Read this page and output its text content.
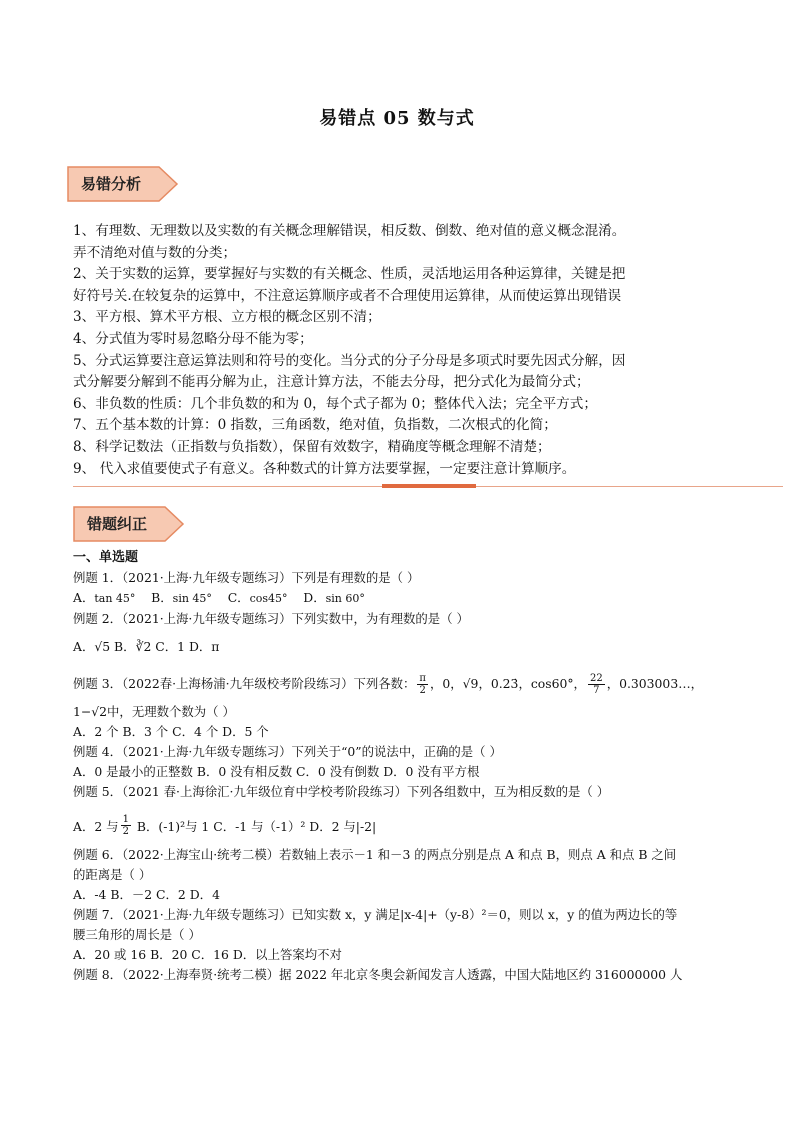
易错点 05 数与式
易错分析
1、有理数、无理数以及实数的有关概念理解错误，相反数、倒数、绝对值的意义概念混淆。
弄不清绝对值与数的分类；
2、关于实数的运算，要掌握好与实数的有关概念、性质，灵活地运用各种运算律，关键是把
好符号关.在较复杂的运算中，不注意运算顺序或者不合理使用运算律，从而使运算出现错误
3、平方根、算术平方根、立方根的概念区别不清；
4、分式值为零时易忽略分母不能为零；
5、分式运算要注意运算法则和符号的变化。当分式的分子分母是多项式时要先因式分解，因
式分解要分解到不能再分解为止，注意计算方法，不能去分母，把分式化为最简分式；
6、非负数的性质：几个非负数的和为 0，每个式子都为 0；整体代入法；完全平方式；
7、五个基本数的计算：0 指数，三角函数，绝对值，负指数，二次根式的化简；
8、科学记数法（正指数与负指数），保留有效数字，精确度等概念理解不清楚；
9、 代入求值要使式子有意义。各种数式的计算方法要掌握，一定要注意计算顺序。
错题纠正
一、单选题
例题 1．（2021·上海·九年级专题练习）下列是有理数的是（ ）
A．tan 45° B．sin 45° C．cos45° D．sin 60°
例题 2．（2021·上海·九年级专题练习）下列实数中，为有理数的是（ ）
A．√5 B．∛2 C．1 D．π
例题 3．（2022春·上海杨浦·九年级校考阶段练习）下列各数： $\frac{\pi}{2}$ ，0，√9，0.23̇，cos60°， $\frac{22}{7}$ ，0.303003…，
1−√2中，无理数个数为（ ）
A．2 个 B．3 个 C．4 个 D．5 个
例题 4．（2021·上海·九年级专题练习）下列关于“0”的说法中，正确的是（ ）
A．0 是最小的正整数 B．0 没有相反数 C．0 没有倒数 D．0 没有平方根
例题 5．（2021 春·上海徐汇·九年级位育中学校考阶段练习）下列各组数中，互为相反数的是（ ）
A．2 与 $\frac{1}{2}$ B．(-1)²与 1 C．-1 与（-1）² D．2 与|-2|
例题 6．（2022·上海宝山·统考二模）若数轴上表示－1 和－3 的两点分别是点 A 和点 B，则点 A 和点 B 之间
的距离是（ ）
A．-4 B．－2 C．2 D．4
例题 7．（2021·上海·九年级专题练习）已知实数 x，y 满足|x-4|+（y-8）²＝0，则以 x，y 的值为两边长的等
腰三角形的周长是（ ）
A．20 或 16 B．20 C．16 D．以上答案均不对
例题 8．（2022·上海奉贤·统考二模）据 2022 年北京冬奥会新闻发言人透露，中国大陆地区约 316000000 人
